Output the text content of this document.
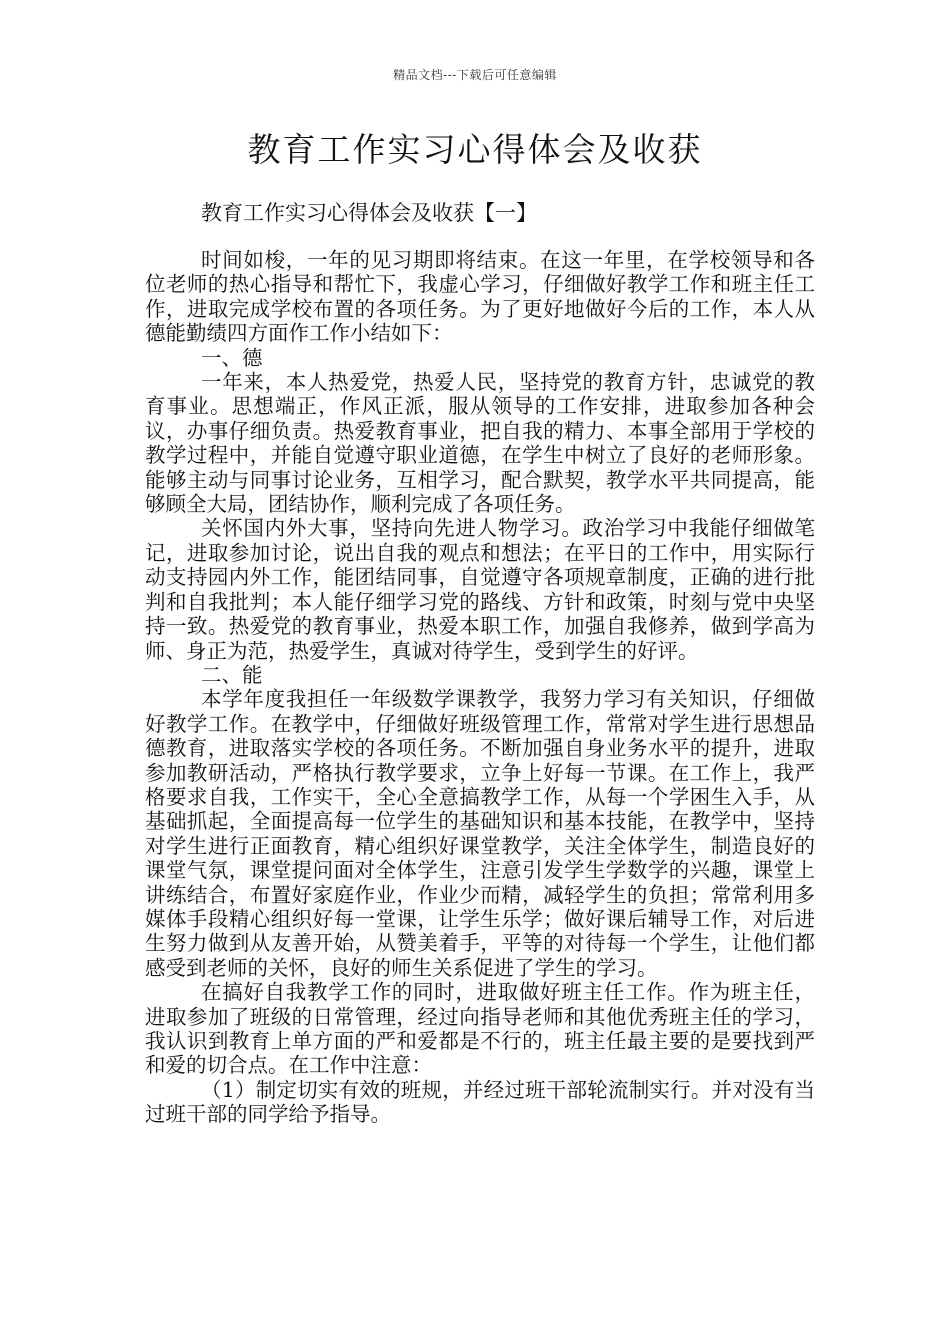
精品文档---下载后可任意编辑
教育工作实习心得体会及收获
教育工作实习心得体会及收获【一】

时间如梭，一年的见习期即将结束。在这一年里，在学校领导和各位老师的热心指导和帮忙下，我虚心学习，仔细做好教学工作和班主任工作，进取完成学校布置的各项任务。为了更好地做好今后的工作，本人从德能勤绩四方面作工作小结如下：

一、德

一年来，本人热爱党，热爱人民，坚持党的教育方针，忠诚党的教育事业。思想端正，作风正派，服从领导的工作安排，进取参加各种会议，办事仔细负责。热爱教育事业，把自我的精力、本事全部用于学校的教学过程中，并能自觉遵守职业道德，在学生中树立了良好的老师形象。能够主动与同事讨论业务，互相学习，配合默契，教学水平共同提高，能够顾全大局，团结协作，顺利完成了各项任务。

关怀国内外大事，坚持向先进人物学习。政治学习中我能仔细做笔记，进取参加讨论，说出自我的观点和想法；在平日的工作中，用实际行动支持园内外工作，能团结同事，自觉遵守各项规章制度，正确的进行批判和自我批判；本人能仔细学习党的路线、方针和政策，时刻与党中央坚持一致。热爱党的教育事业，热爱本职工作，加强自我修养，做到学高为师、身正为范，热爱学生，真诚对待学生，受到学生的好评。

二、能

本学年度我担任一年级数学课教学，我努力学习有关知识，仔细做好教学工作。在教学中，仔细做好班级管理工作，常常对学生进行思想品德教育，进取落实学校的各项任务。不断加强自身业务水平的提升，进取参加教研活动，严格执行教学要求，立争上好每一节课。在工作上，我严格要求自我，工作实干，全心全意搞教学工作，从每一个学困生入手，从基础抓起，全面提高每一位学生的基础知识和基本技能，在教学中，坚持对学生进行正面教育，精心组织好课堂教学，关注全体学生，制造良好的课堂气氛，课堂提问面对全体学生，注意引发学生学数学的兴趣，课堂上讲练结合，布置好家庭作业，作业少而精，减轻学生的负担；常常利用多媒体手段精心组织好每一堂课，让学生乐学；做好课后辅导工作，对后进生努力做到从友善开始，从赞美着手，平等的对待每一个学生，让他们都感受到老师的关怀，良好的师生关系促进了学生的学习。

在搞好自我教学工作的同时，进取做好班主任工作。作为班主任，进取参加了班级的日常管理，经过向指导老师和其他优秀班主任的学习，我认识到教育上单方面的严和爱都是不行的，班主任最主要的是要找到严和爱的切合点。在工作中注意：

（1）制定切实有效的班规，并经过班干部轮流制实行。并对没有当过班干部的同学给予指导。
